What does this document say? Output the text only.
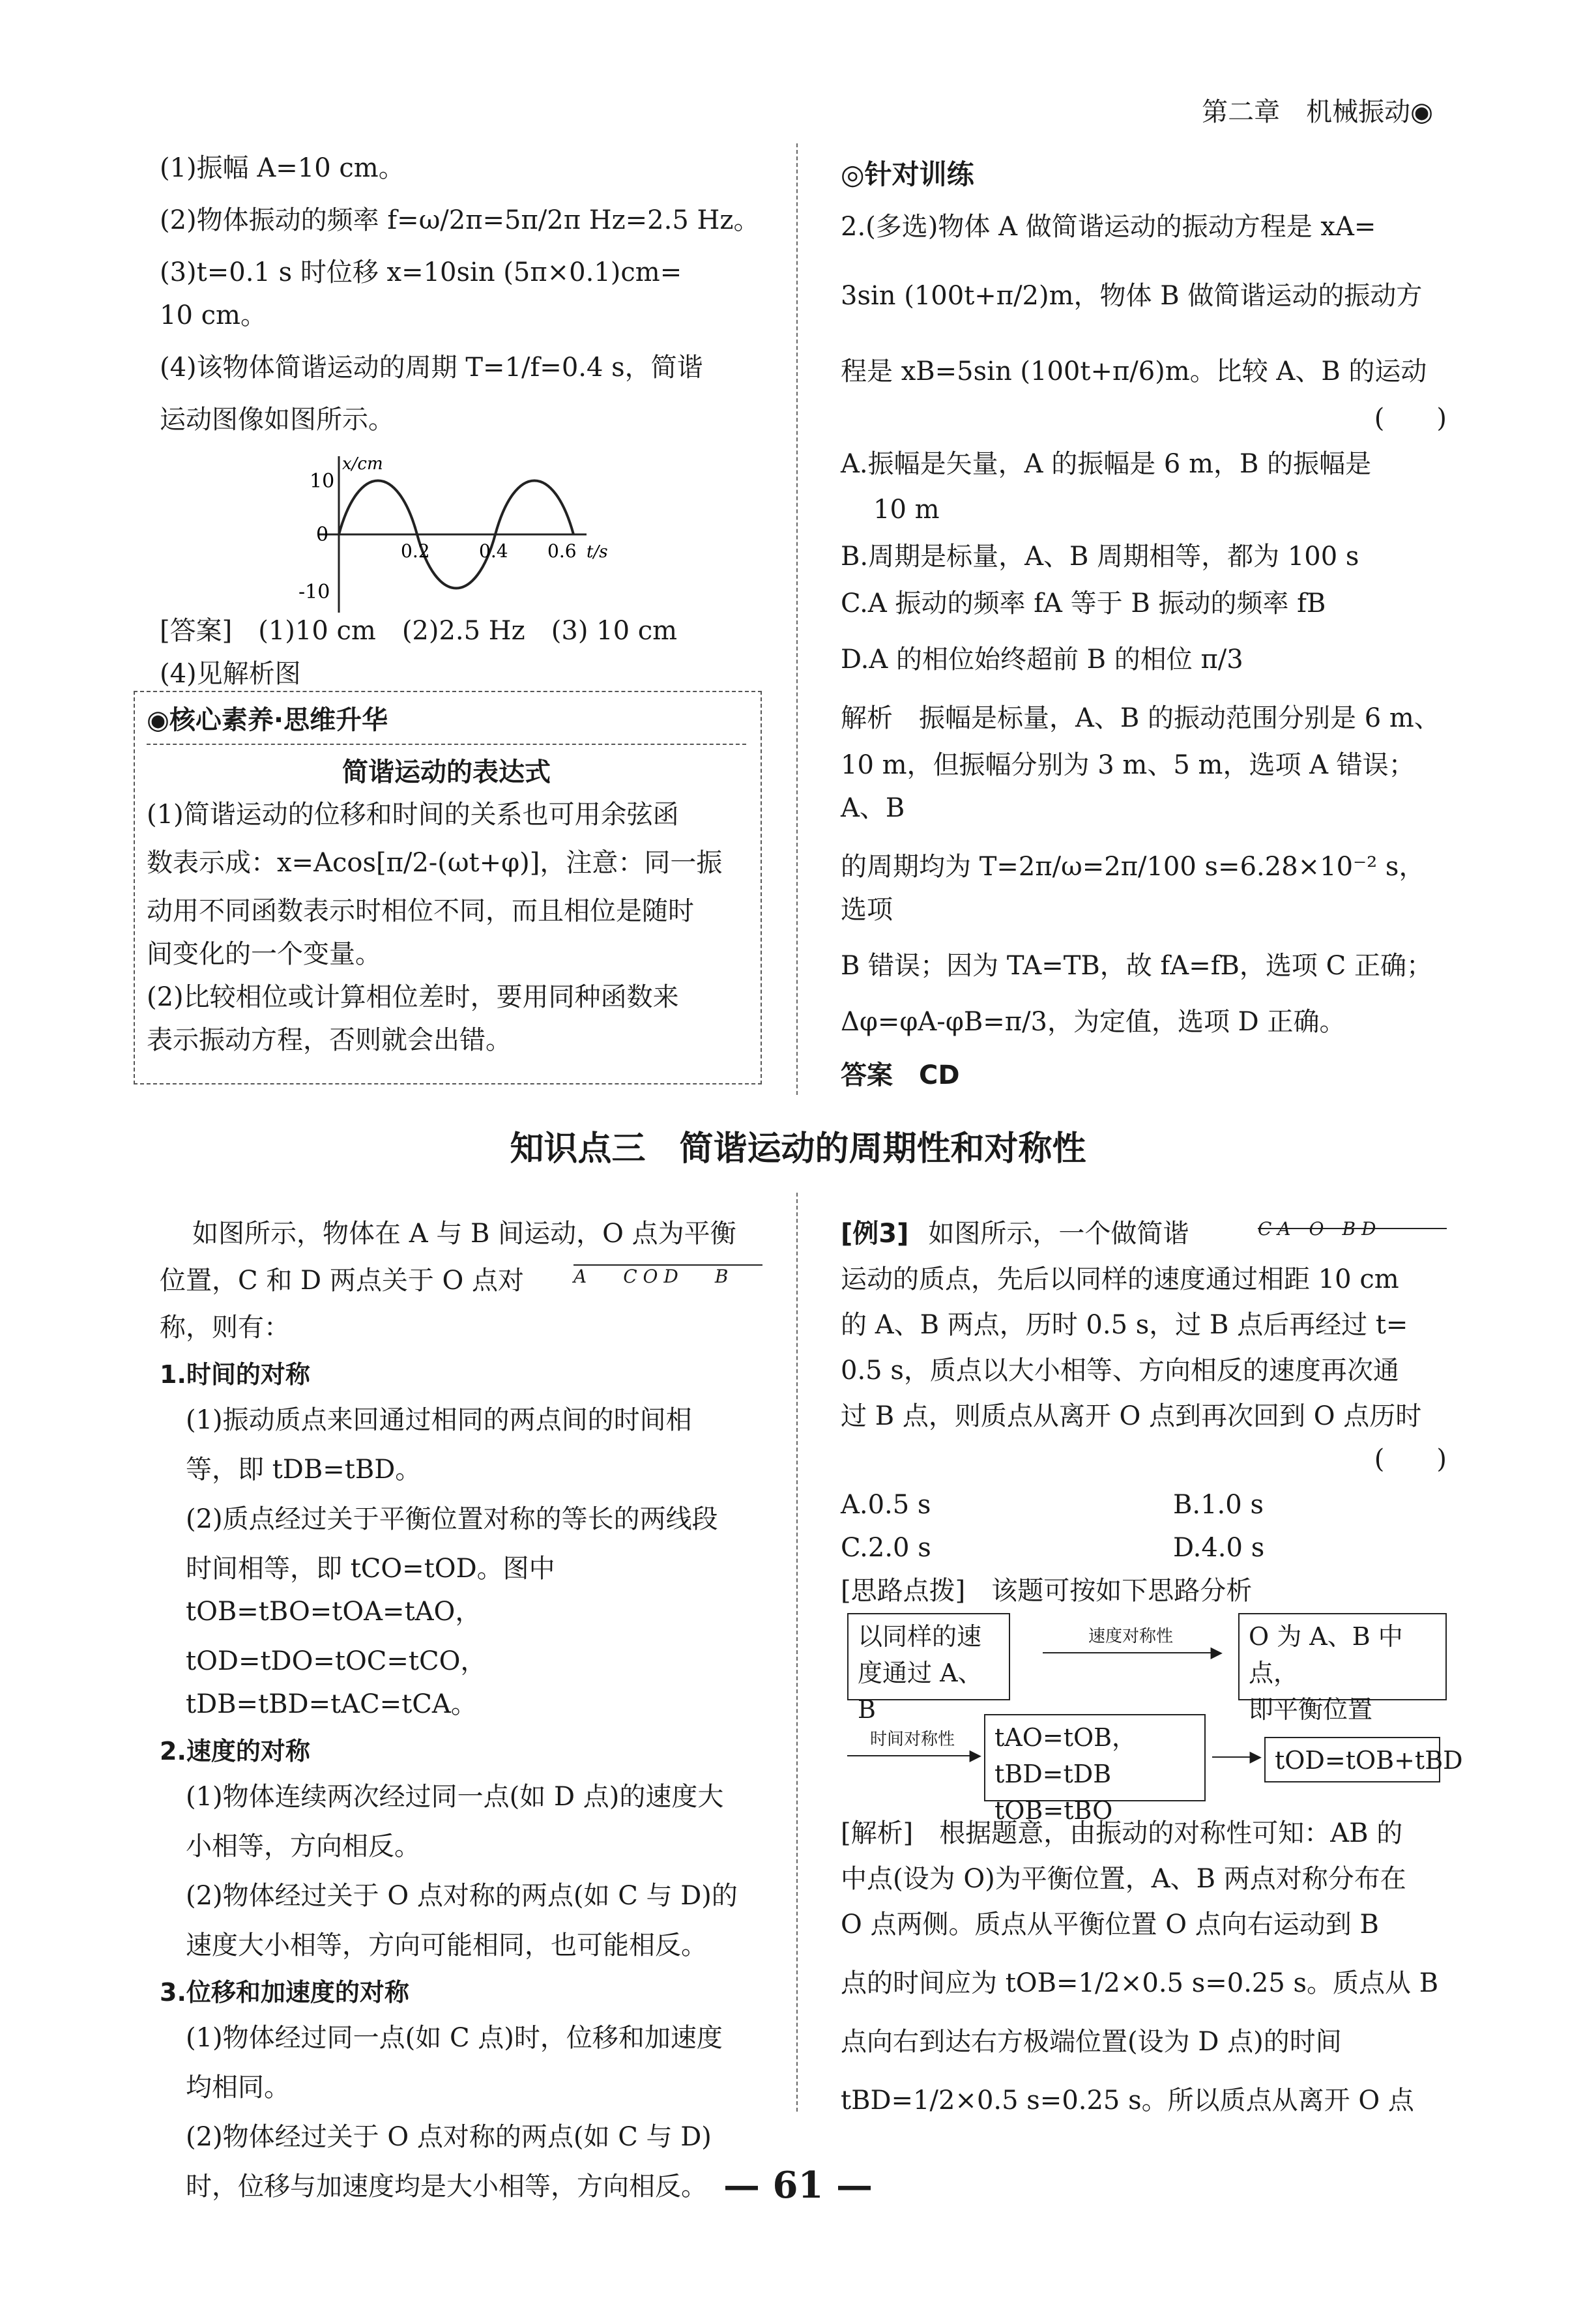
第二章　机械振动◉
(1)振幅 A=10 cm。
(2)物体振动的频率 f=ω/2π=5π/2π Hz=2.5 Hz。
(3)t=0.1 s 时位移 x=10sin (5π×0.1)cm=
10 cm。
(4)该物体简谐运动的周期 T=1/f=0.4 s，简谐
运动图像如图所示。
x/cm
t/s
10
0
-10
0.2	0.4 0.6
[答案]　(1)10 cm　(2)2.5 Hz　(3) 10 cm
(4)见解析图
◉核心素养·思维升华
简谐运动的表达式
(1)简谐运动的位移和时间的关系也可用余弦函
数表示成：x=Acos[π/2-(ωt+φ)]，注意：同一振
动用不同函数表示时相位不同，而且相位是随时
间变化的一个变量。
(2)比较相位或计算相位差时，要用同种函数来
表示振动方程，否则就会出错。
◎针对训练
2.(多选)物体 A 做简谐运动的振动方程是 xA=
3sin (100t+π/2)m，物体 B 做简谐运动的振动方
程是 xB=5sin (100t+π/6)m。比较 A、B 的运动
(　　)
A.振幅是矢量，A 的振幅是 6 m，B 的振幅是
10 m
B.周期是标量，A、B 周期相等，都为 100 s
C.A 振动的频率 fA 等于 B 振动的频率 fB
D.A 的相位始终超前 B 的相位 π/3
解析　振幅是标量，A、B 的振动范围分别是 6 m、
10 m，但振幅分别为 3 m、5 m，选项 A 错误；A、B
的周期均为 T=2π/ω=2π/100 s=6.28×10⁻² s，选项
B 错误；因为 TA=TB，故 fA=fB，选项 C 正确；
Δφ=φA-φB=π/3，为定值，选项 D 正确。
答案　CD
知识点三　简谐运动的周期性和对称性
如图所示，物体在 A 与 B 间运动，O 点为平衡
位置，C 和 D 两点关于 O 点对
称，则有：
1.时间的对称
(1)振动质点来回通过相同的两点间的时间相
等，即 tDB=tBD。
(2)质点经过关于平衡位置对称的等长的两线段
时间相等，即 tCO=tOD。图中 tOB=tBO=tOA=tAO，
tOD=tDO=tOC=tCO，tDB=tBD=tAC=tCA。
2.速度的对称
(1)物体连续两次经过同一点(如 D 点)的速度大
小相等，方向相反。
(2)物体经过关于 O 点对称的两点(如 C 与 D)的
速度大小相等，方向可能相同，也可能相反。
3.位移和加速度的对称
(1)物体经过同一点(如 C 点)时，位移和加速度
均相同。
(2)物体经过关于 O 点对称的两点(如 C 与 D)
时，位移与加速度均是大小相等，方向相反。
A　　C O D　　B
[例3] 如图所示，一个做简谐
运动的质点，先后以同样的速度通过相距 10 cm
的 A、B 两点，历时 0.5 s，过 B 点后再经过 t=
0.5 s，质点以大小相等、方向相反的速度再次通
过 B 点，则质点从离开 O 点到再次回到 O 点历时
(　　)
A.0.5 s	B.1.0 s
C.2.0 s	D.4.0 s
[思路点拨]　该题可按如下思路分析
C A　O　B D
以同样的速
度通过 A、B
速度对称性
▶
O 为 A、B 中点，
即平衡位置
时间对称性
▶
tAO=tOB，tBD=tDB
tOB=tBO
▶ tOD=tOB+tBD
[解析]　根据题意，由振动的对称性可知：AB 的
中点(设为 O)为平衡位置，A、B 两点对称分布在
O 点两侧。质点从平衡位置 O 点向右运动到 B
点的时间应为 tOB=1/2×0.5 s=0.25 s。质点从 B
点向右到达右方极端位置(设为 D 点)的时间
tBD=1/2×0.5 s=0.25 s。所以质点从离开 O 点
— 61 —
